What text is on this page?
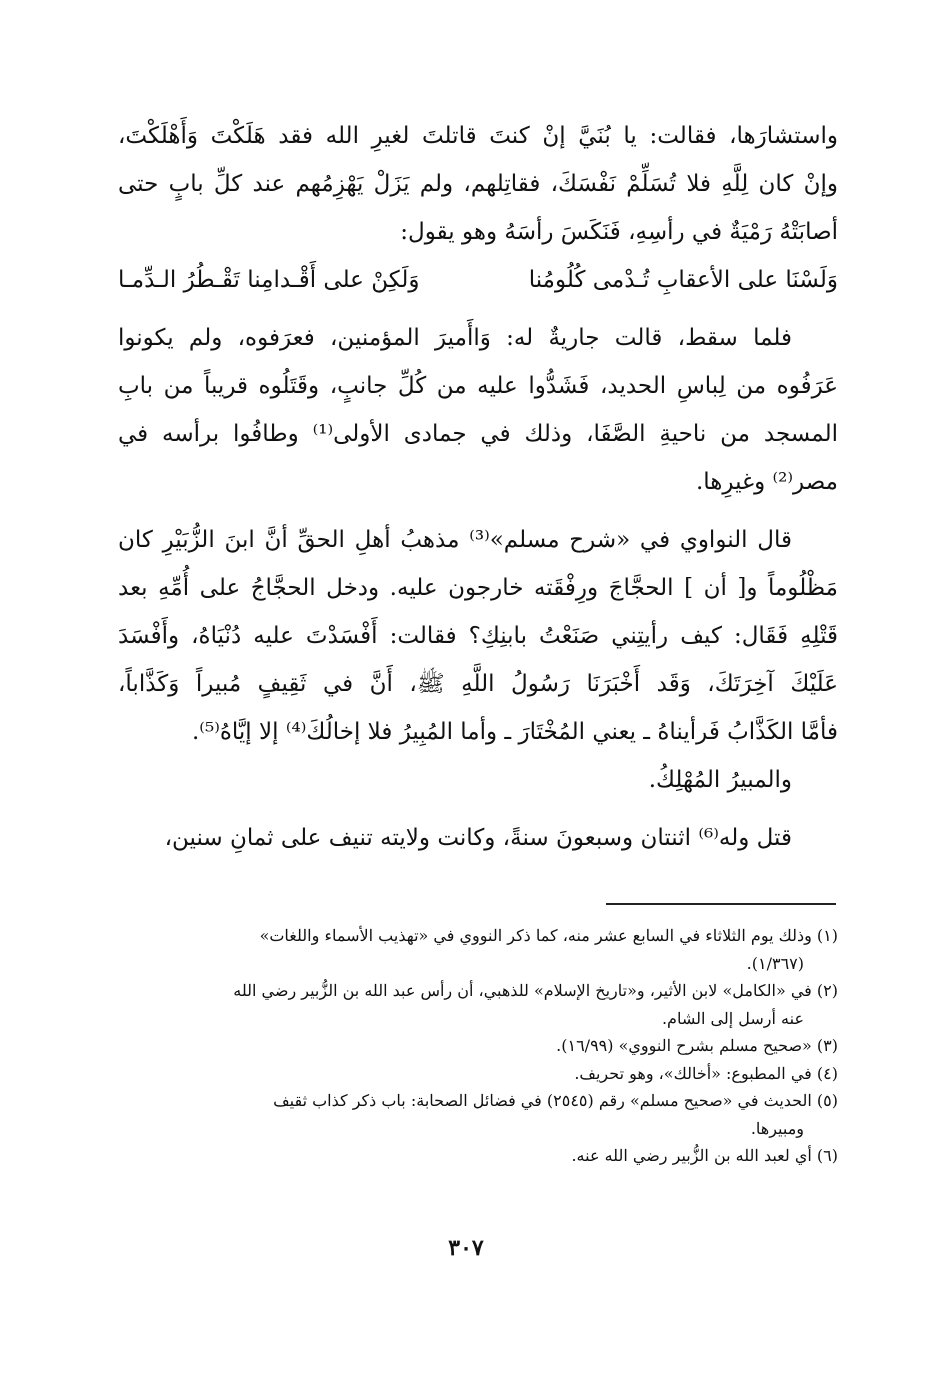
واستشارَها، فقالت: يا بُنَيَّ إنْ كنتَ قاتلتَ لغيرِ الله فقد هَلَكْتَ وَأَهْلَكْتَ،
وإنْ كان لِلَّهِ فلا تُسَلِّمْ نَفْسَكَ، فقاتِلهم، ولم يَزَلْ يَهْزِمُهم عند كلِّ بابٍ حتى
أصابَتْهُ رَمْيَةٌ في رأسِهِ، فَنَكَسَ رأسَهُ وهو يقول:
وَلَسْنَا على الأعقابِ تُـدْمى كُلُومُناوَلَكِنْ على أَقْـدامِنا تَقْـطُرُ الـدِّمـا
فلما سقط، قالت جاريةٌ له: وَاأَميرَ المؤمنين، فعرَفوه، ولم يكونوا
عَرَفُوه من لِباسِ الحديد، فَشَدُّوا عليه من كُلِّ جانبٍ، وقَتَلُوه قريباً من بابِ
المسجد من ناحيةِ الصَّفَا، وذلك في جمادى الأولى⁽¹⁾ وطافُوا برأسه في
مصر⁽²⁾ وغيرِها.
قال النواوي في «شرح مسلم»⁽³⁾ مذهبُ أهلِ الحقِّ أنَّ ابنَ الزُّبَيْرِ كان
مَظْلُوماً و[ أن ] الحجَّاجَ ورِفْقَته خارجون عليه. ودخل الحجَّاجُ على أُمِّهِ بعد
قَتْلِهِ فَقَال: كيف رأيتِني صَنَعْتُ بابنِكِ؟ فقالت: أَفْسَدْتَ عليه دُنْيَاهُ، وأَفْسَدَ
عَلَيْكَ آخِرَتَكَ، وَقَد أَخْبَرَنَا رَسُولُ اللَّهِ ﷺ، أَنَّ في ثَقِيفٍ مُبيراً وَكَذَّاباً،
فأمَّا الكَذَّابُ فَرأيناهُ ـ يعني المُخْتَارَ ـ وأما المُبِيرُ فلا إخالُكَ⁽⁴⁾ إلا إيَّاهُ⁽⁵⁾.
والمبيرُ المُهْلِكُ.
قتل وله⁽⁶⁾ اثنتان وسبعونَ سنةً، وكانت ولايته تنيف على ثمانِ سنين،
(١) وذلك يوم الثلاثاء في السابع عشر منه، كما ذكر النووي في «تهذيب الأسماء واللغات»
(١/٣٦٧).
(٢) في «الكامل» لابن الأثير، و«تاريخ الإسلام» للذهبي، أن رأس عبد الله بن الزُّبير رضي الله
عنه أرسل إلى الشام.
(٣) «صحيح مسلم بشرح النووي» (١٦/٩٩).
(٤) في المطبوع: «أخالك»، وهو تحريف.
(٥) الحديث في «صحيح مسلم» رقم (٢٥٤٥) في فضائل الصحابة: باب ذكر كذاب ثقيف
ومبيرها.
(٦) أي لعبد الله بن الزُّبير رضي الله عنه.
٣٠٧
